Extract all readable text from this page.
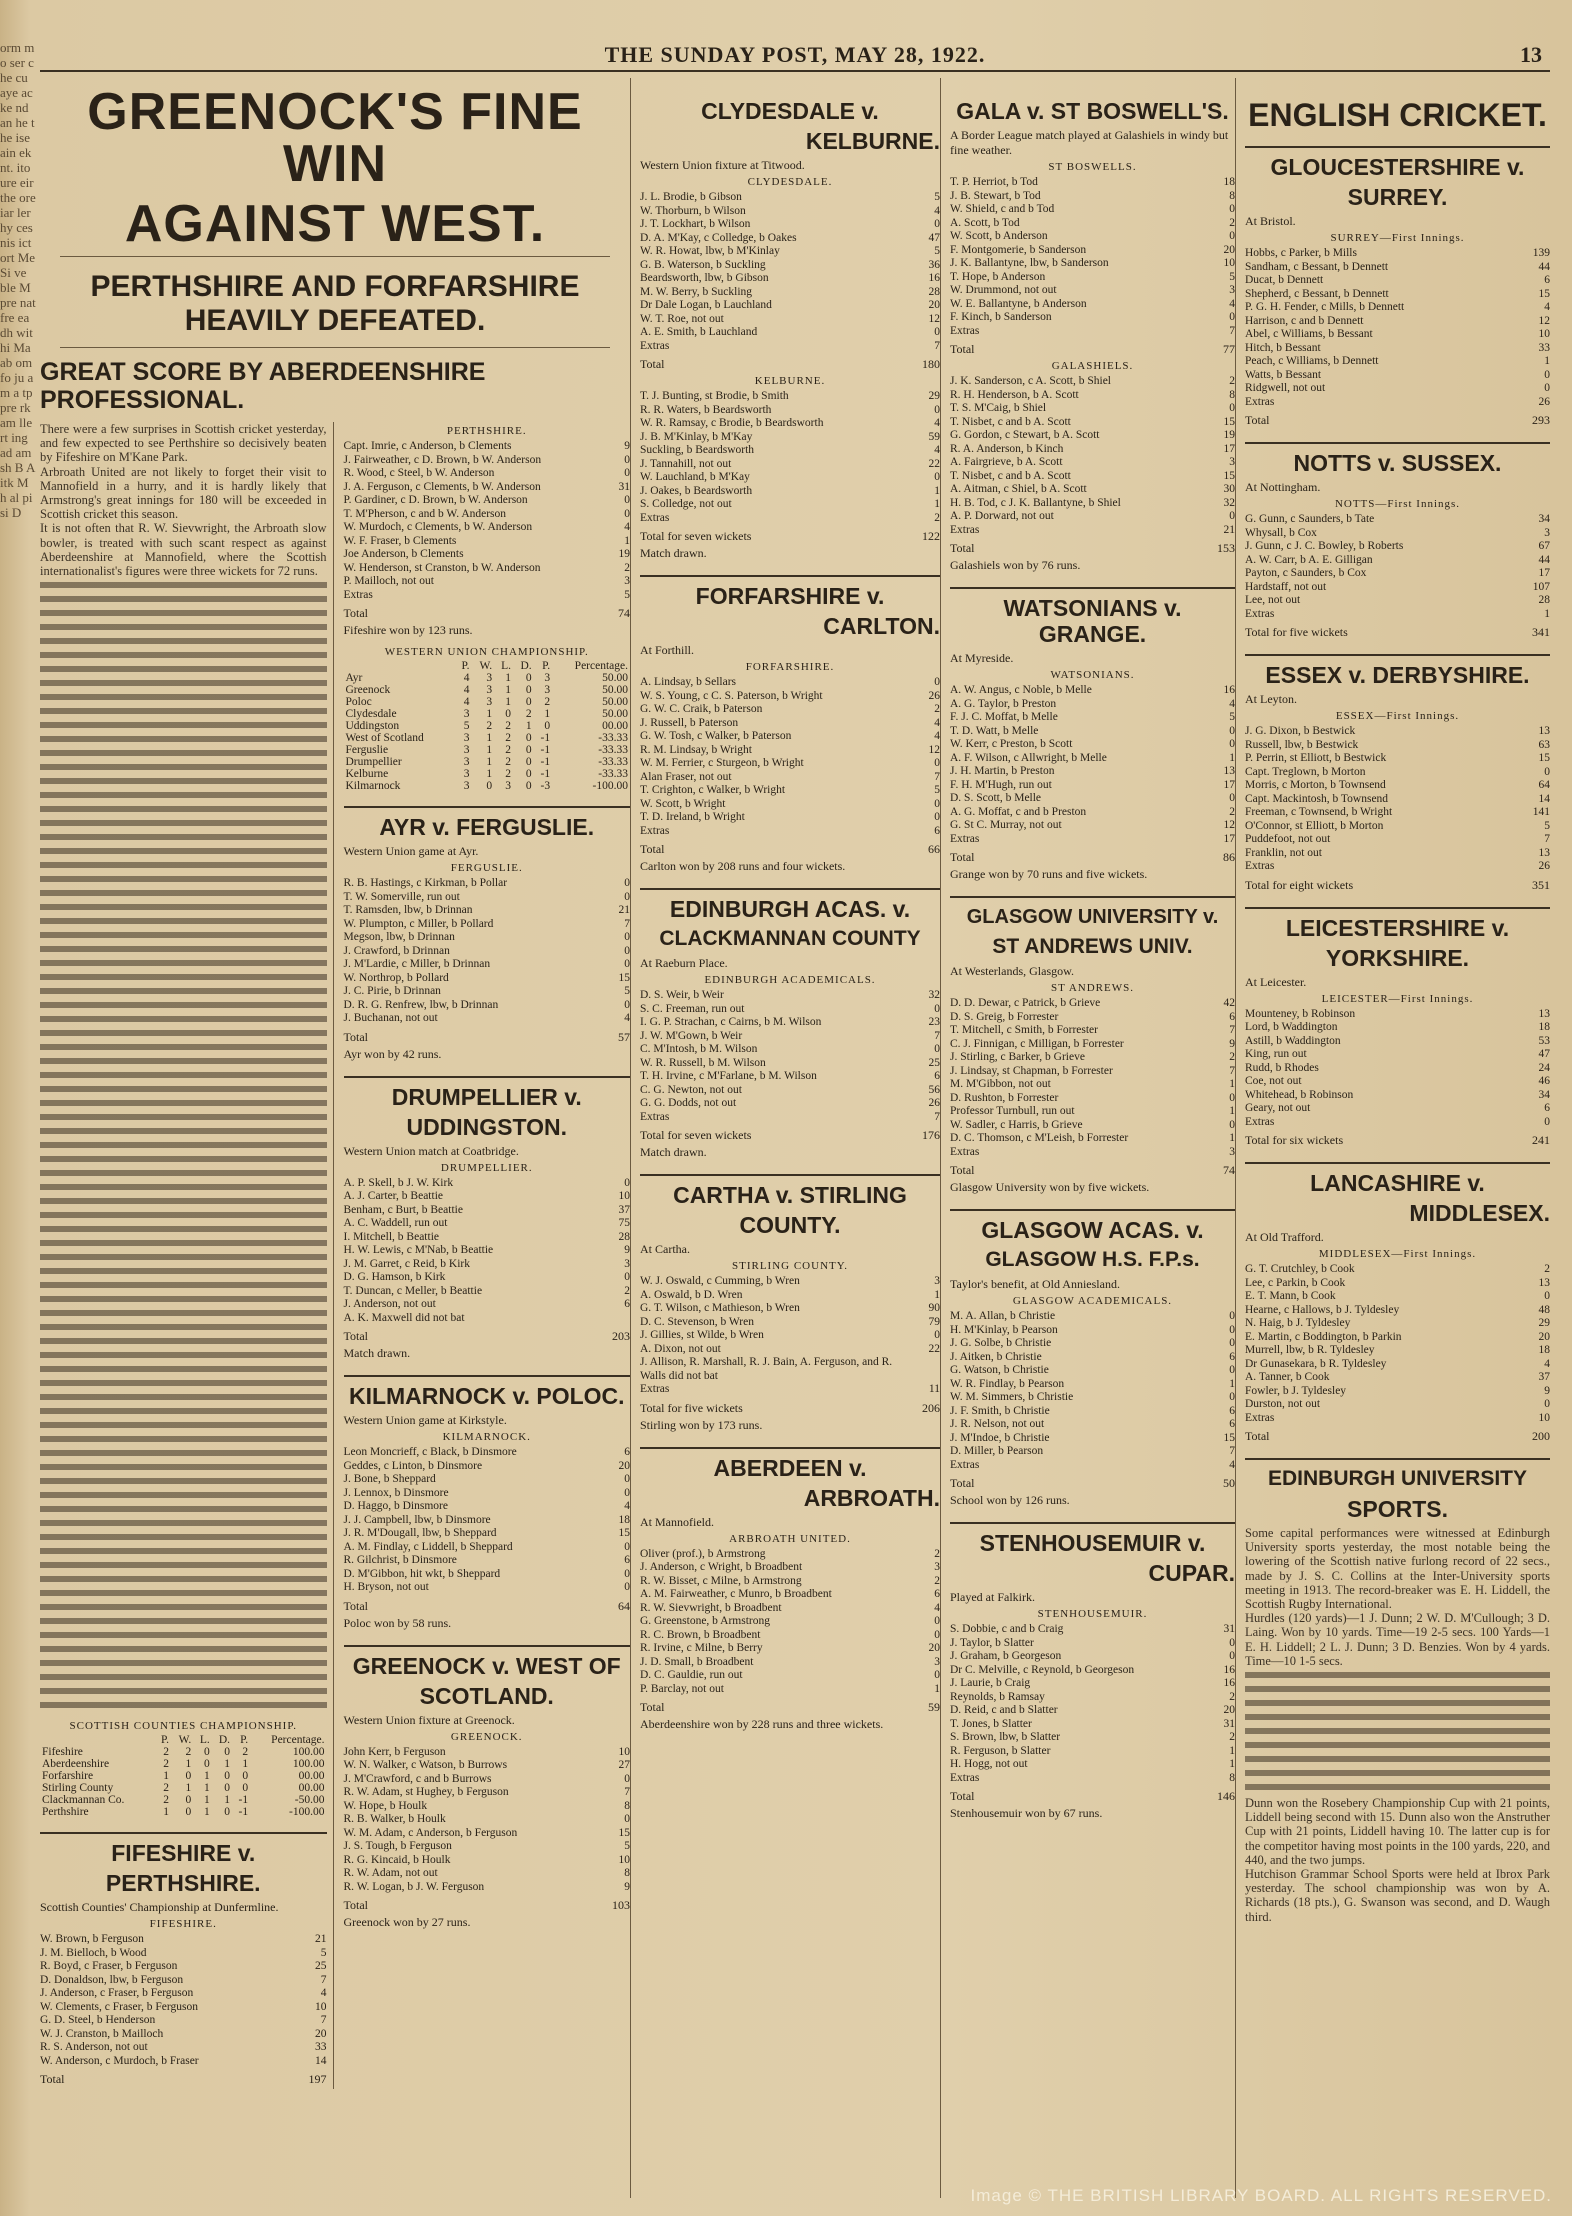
orm mo ser che cu aye ac ke nd an he the ise ain ek nt. ito ure eir the ore iar ler hy ces nis ict ort Me Si ve ble M pre nat fre ea dh wit hi Ma ab om fo ju am a tp pre rk am lle rt ing ad am sh B Aitk M h al pi si D
THE SUNDAY POST, MAY 28, 1922.	13
GREENOCK'S FINE WIN
AGAINST WEST.
PERTHSHIRE AND FORFARSHIRE
HEAVILY DEFEATED.
GREAT SCORE BY ABERDEENSHIRE PROFESSIONAL.

There were a few surprises in Scottish cricket yesterday, and few expected to see Perthshire so decisively beaten by Fifeshire on M'Kane Park.

Arbroath United are not likely to forget their visit to Mannofield in a hurry, and it is hardly likely that Armstrong's great innings for 180 will be exceeded in Scottish cricket this season.

It is not often that R. W. Sievwright, the Arbroath slow bowler, is treated with such scant respect as against Aberdeenshire at Mannofield, where the Scottish internationalist's figures were three wickets for 72 runs.

SCOTTISH COUNTIES CHAMPIONSHIP.
	P.	W.	L.	D.	P.	Percentage.
Fifeshire	2	2	0	0	2	100.00
Aberdeenshire	2	1	0	1	1	100.00
Forfarshire	1	0	1	0	0	00.00
Stirling County	2	1	1	0	0	00.00
Clackmannan Co.	2	0	1	1	-1	-50.00
Perthshire	1	0	1	0	-1	-100.00
FIFESHIRE v.
PERTHSHIRE.
Scottish Counties' Championship at Dunfermline.
FIFESHIRE.
W. Brown, b Ferguson	21
J. M. Bielloch, b Wood	5
R. Boyd, c Fraser, b Ferguson	25
D. Donaldson, lbw, b Ferguson	7
J. Anderson, c Fraser, b Ferguson	4
W. Clements, c Fraser, b Ferguson	10
G. D. Steel, b Henderson	7
W. J. Cranston, b Mailloch	20
R. S. Anderson, not out	33
W. Anderson, c Murdoch, b Fraser	14
Total	197
PERTHSHIRE.
Capt. Imrie, c Anderson, b Clements	9
J. Fairweather, c D. Brown, b W. Anderson	0
R. Wood, c Steel, b W. Anderson	0
J. A. Ferguson, c Clements, b W. Anderson	31
P. Gardiner, c D. Brown, b W. Anderson	0
T. M'Pherson, c and b W. Anderson	0
W. Murdoch, c Clements, b W. Anderson	4
W. F. Fraser, b Clements	1
Joe Anderson, b Clements	19
W. Henderson, st Cranston, b W. Anderson	2
P. Mailloch, not out	3
Extras	5
Total	74
Fifeshire won by 123 runs.
WESTERN UNION CHAMPIONSHIP.
	P.	W.	L.	D.	P.	Percentage.
Ayr	4	3	1	0	3	50.00
Greenock	4	3	1	0	3	50.00
Poloc	4	3	1	0	2	50.00
Clydesdale	3	1	0	2	1	50.00
Uddingston	5	2	2	1	0	00.00
West of Scotland	3	1	2	0	-1	-33.33
Ferguslie	3	1	2	0	-1	-33.33
Drumpellier	3	1	2	0	-1	-33.33
Kelburne	3	1	2	0	-1	-33.33
Kilmarnock	3	0	3	0	-3	-100.00
AYR v. FERGUSLIE.
Western Union game at Ayr.
FERGUSLIE.
R. B. Hastings, c Kirkman, b Pollar	0
T. W. Somerville, run out	0
T. Ramsden, lbw, b Drinnan	21
W. Plumpton, c Miller, b Pollard	7
Megson, lbw, b Drinnan	0
J. Crawford, b Drinnan	0
J. M'Lardie, c Miller, b Drinnan	0
W. Northrop, b Pollard	15
J. C. Pirie, b Drinnan	5
D. R. G. Renfrew, lbw, b Drinnan	0
J. Buchanan, not out	4
Total	57
Ayr won by 42 runs.
DRUMPELLIER v.
UDDINGSTON.
Western Union match at Coatbridge.
DRUMPELLIER.
A. P. Skell, b J. W. Kirk	0
A. J. Carter, b Beattie	10
Benham, c Burt, b Beattie	37
A. C. Waddell, run out	75
I. Mitchell, b Beattie	28
H. W. Lewis, c M'Nab, b Beattie	9
J. M. Garret, c Reid, b Kirk	3
D. G. Hamson, b Kirk	0
T. Duncan, c Meller, b Beattie	2
J. Anderson, not out	6
A. K. Maxwell did not bat
Total	203
Match drawn.
KILMARNOCK v. POLOC.
Western Union game at Kirkstyle.
KILMARNOCK.
Leon Moncrieff, c Black, b Dinsmore	6
Geddes, c Linton, b Dinsmore	20
J. Bone, b Sheppard	0
J. Lennox, b Dinsmore	0
D. Haggo, b Dinsmore	4
J. J. Campbell, lbw, b Dinsmore	18
J. R. M'Dougall, lbw, b Sheppard	15
A. M. Findlay, c Liddell, b Sheppard	0
R. Gilchrist, b Dinsmore	6
D. M'Gibbon, hit wkt, b Sheppard	0
H. Bryson, not out	0
Total	64
Poloc won by 58 runs.
GREENOCK v. WEST OF
SCOTLAND.
Western Union fixture at Greenock.
GREENOCK.
John Kerr, b Ferguson	10
W. N. Walker, c Watson, b Burrows	27
J. M'Crawford, c and b Burrows	0
R. W. Adam, st Hughey, b Ferguson	7
W. Hope, b Houlk	8
R. B. Walker, b Houlk	0
W. M. Adam, c Anderson, b Ferguson	15
J. S. Tough, b Ferguson	5
R. G. Kincaid, b Houlk	10
R. W. Adam, not out	8
R. W. Logan, b J. W. Ferguson	9
Total	103
Greenock won by 27 runs.
CLYDESDALE v.
KELBURNE.
Western Union fixture at Titwood.
CLYDESDALE.
J. L. Brodie, b Gibson	5
W. Thorburn, b Wilson	4
J. T. Lockhart, b Wilson	0
D. A. M'Kay, c Colledge, b Oakes	47
W. R. Howat, lbw, b M'Kinlay	5
G. B. Waterson, b Suckling	36
Beardsworth, lbw, b Gibson	16
M. W. Berry, b Suckling	28
Dr Dale Logan, b Lauchland	20
W. T. Roe, not out	12
A. E. Smith, b Lauchland	0
Extras	7
Total	180
KELBURNE.
T. J. Bunting, st Brodie, b Smith	29
R. R. Waters, b Beardsworth	0
W. R. Ramsay, c Brodie, b Beardsworth	4
J. B. M'Kinlay, b M'Kay	59
Suckling, b Beardsworth	4
J. Tannahill, not out	22
W. Lauchland, b M'Kay	0
J. Oakes, b Beardsworth	1
S. Colledge, not out	1
Extras	2
Total for seven wickets	122
Match drawn.
FORFARSHIRE v.
CARLTON.
At Forthill.
FORFARSHIRE.
A. Lindsay, b Sellars	0
W. S. Young, c C. S. Paterson, b Wright	26
G. W. C. Craik, b Paterson	2
J. Russell, b Paterson	4
G. W. Tosh, c Walker, b Paterson	4
R. M. Lindsay, b Wright	12
W. M. Ferrier, c Sturgeon, b Wright	0
Alan Fraser, not out	7
T. Crighton, c Walker, b Wright	5
W. Scott, b Wright	0
T. D. Ireland, b Wright	0
Extras	6
Total	66
Carlton won by 208 runs and four wickets.
EDINBURGH ACAS. v.
CLACKMANNAN COUNTY
At Raeburn Place.
EDINBURGH ACADEMICALS.
D. S. Weir, b Weir	32
S. C. Freeman, run out	0
I. G. P. Strachan, c Cairns, b M. Wilson	23
J. W. M'Gown, b Weir	7
C. M'Intosh, b M. Wilson	0
W. R. Russell, b M. Wilson	25
T. H. Irvine, c M'Farlane, b M. Wilson	6
C. G. Newton, not out	56
G. G. Dodds, not out	26
Extras	7
Total for seven wickets	176
Match drawn.
CARTHA v. STIRLING
COUNTY.
At Cartha.
STIRLING COUNTY.
W. J. Oswald, c Cumming, b Wren	3
A. Oswald, b D. Wren	1
G. T. Wilson, c Mathieson, b Wren	90
D. C. Stevenson, b Wren	79
J. Gillies, st Wilde, b Wren	0
A. Dixon, not out	22
J. Allison, R. Marshall, R. J. Bain, A. Ferguson, and R. Walls did not bat
Extras	11
Total for five wickets	206
Stirling won by 173 runs.
ABERDEEN v.
ARBROATH.
At Mannofield.
ARBROATH UNITED.
Oliver (prof.), b Armstrong	2
J. Anderson, c Wright, b Broadbent	3
R. W. Bisset, c Milne, b Armstrong	2
A. M. Fairweather, c Munro, b Broadbent	6
R. W. Sievwright, b Broadbent	4
G. Greenstone, b Armstrong	0
R. C. Brown, b Broadbent	0
R. Irvine, c Milne, b Berry	20
J. D. Small, b Broadbent	3
D. C. Gauldie, run out	0
P. Barclay, not out	1
Total	59
Aberdeenshire won by 228 runs and three wickets.
GALA v. ST BOSWELL'S.
A Border League match played at Galashiels in windy but fine weather.
ST BOSWELLS.
T. P. Herriot, b Tod	18
J. B. Stewart, b Tod	8
W. Shield, c and b Tod	0
A. Scott, b Tod	2
W. Scott, b Anderson	0
F. Montgomerie, b Sanderson	20
J. K. Ballantyne, lbw, b Sanderson	10
T. Hope, b Anderson	5
W. Drummond, not out	3
W. E. Ballantyne, b Anderson	4
F. Kinch, b Sanderson	0
Extras	7
Total	77
GALASHIELS.
J. K. Sanderson, c A. Scott, b Shiel	2
R. H. Henderson, b A. Scott	8
T. S. M'Caig, b Shiel	0
T. Nisbet, c and b A. Scott	15
G. Gordon, c Stewart, b A. Scott	19
R. A. Anderson, b Kinch	17
A. Fairgrieve, b A. Scott	3
T. Nisbet, c and b A. Scott	15
A. Aitman, c Shiel, b A. Scott	30
H. B. Tod, c J. K. Ballantyne, b Shiel	32
A. P. Dorward, not out	0
Extras	21
Total	153
Galashiels won by 76 runs.
WATSONIANS v. GRANGE.
At Myreside.
WATSONIANS.
A. W. Angus, c Noble, b Melle	16
A. G. Taylor, b Preston	4
F. J. C. Moffat, b Melle	5
T. D. Watt, b Melle	0
W. Kerr, c Preston, b Scott	0
A. F. Wilson, c Allwright, b Melle	1
J. H. Martin, b Preston	13
F. H. M'Hugh, run out	17
D. S. Scott, b Melle	0
A. G. Moffat, c and b Preston	2
G. St C. Murray, not out	12
Extras	17
Total	86
Grange won by 70 runs and five wickets.
GLASGOW UNIVERSITY v.
ST ANDREWS UNIV.
At Westerlands, Glasgow.
ST ANDREWS.
D. D. Dewar, c Patrick, b Grieve	42
D. S. Greig, b Forrester	6
T. Mitchell, c Smith, b Forrester	7
C. J. Finnigan, c Milligan, b Forrester	9
J. Stirling, c Barker, b Grieve	2
J. Lindsay, st Chapman, b Forrester	7
M. M'Gibbon, not out	1
D. Rushton, b Forrester	0
Professor Turnbull, run out	1
W. Sadler, c Harris, b Grieve	0
D. C. Thomson, c M'Leish, b Forrester	1
Extras	3
Total	74
Glasgow University won by five wickets.
GLASGOW ACAS. v.
GLASGOW H.S. F.P.s.
Taylor's benefit, at Old Anniesland.
GLASGOW ACADEMICALS.
M. A. Allan, b Christie	0
H. M'Kinlay, b Pearson	0
J. G. Solbe, b Christie	0
J. Aitken, b Christie	6
G. Watson, b Christie	0
W. R. Findlay, b Pearson	1
W. M. Simmers, b Christie	0
J. F. Smith, b Christie	6
J. R. Nelson, not out	6
J. M'Indoe, b Christie	15
D. Miller, b Pearson	7
Extras	4
Total	50
School won by 126 runs.
STENHOUSEMUIR v.
CUPAR.
Played at Falkirk.
STENHOUSEMUIR.
S. Dobbie, c and b Craig	31
J. Taylor, b Slatter	0
J. Graham, b Georgeson	0
Dr C. Melville, c Reynold, b Georgeson	16
J. Laurie, b Craig	16
Reynolds, b Ramsay	2
D. Reid, c and b Slatter	20
T. Jones, b Slatter	31
S. Brown, lbw, b Slatter	2
R. Ferguson, b Slatter	1
H. Hogg, not out	1
Extras	8
Total	146
Stenhousemuir won by 67 runs.
ENGLISH CRICKET.
GLOUCESTERSHIRE v.
SURREY.
At Bristol.
SURREY—First Innings.
Hobbs, c Parker, b Mills	139
Sandham, c Bessant, b Dennett	44
Ducat, b Dennett	6
Shepherd, c Bessant, b Dennett	15
P. G. H. Fender, c Mills, b Dennett	4
Harrison, c and b Dennett	12
Abel, c Williams, b Bessant	10
Hitch, b Bessant	33
Peach, c Williams, b Dennett	1
Watts, b Bessant	0
Ridgwell, not out	0
Extras	26
Total	293
NOTTS v. SUSSEX.
At Nottingham.
NOTTS—First Innings.
G. Gunn, c Saunders, b Tate	34
Whysall, b Cox	3
J. Gunn, c J. C. Bowley, b Roberts	67
A. W. Carr, b A. E. Gilligan	44
Payton, c Saunders, b Cox	17
Hardstaff, not out	107
Lee, not out	28
Extras	1
Total for five wickets	341
ESSEX v. DERBYSHIRE.
At Leyton.
ESSEX—First Innings.
J. G. Dixon, b Bestwick	13
Russell, lbw, b Bestwick	63
P. Perrin, st Elliott, b Bestwick	15
Capt. Treglown, b Morton	0
Morris, c Morton, b Townsend	64
Capt. Mackintosh, b Townsend	14
Freeman, c Townsend, b Wright	141
O'Connor, st Elliott, b Morton	5
Puddefoot, not out	7
Franklin, not out	13
Extras	26
Total for eight wickets	351
LEICESTERSHIRE v.
YORKSHIRE.
At Leicester.
LEICESTER—First Innings.
Mounteney, b Robinson	13
Lord, b Waddington	18
Astill, b Waddington	53
King, run out	47
Rudd, b Rhodes	24
Coe, not out	46
Whitehead, b Robinson	34
Geary, not out	6
Extras	0
Total for six wickets	241
LANCASHIRE v.
MIDDLESEX.
At Old Trafford.
MIDDLESEX—First Innings.
G. T. Crutchley, b Cook	2
Lee, c Parkin, b Cook	13
E. T. Mann, b Cook	0
Hearne, c Hallows, b J. Tyldesley	48
N. Haig, b J. Tyldesley	29
E. Martin, c Boddington, b Parkin	20
Murrell, lbw, b R. Tyldesley	18
Dr Gunasekara, b R. Tyldesley	4
A. Tanner, b Cook	37
Fowler, b J. Tyldesley	9
Durston, not out	0
Extras	10
Total	200
EDINBURGH UNIVERSITY
SPORTS.

Some capital performances were witnessed at Edinburgh University sports yesterday, the most notable being the lowering of the Scottish native furlong record of 22 secs., made by J. S. C. Collins at the Inter-University sports meeting in 1913. The record-breaker was E. H. Liddell, the Scottish Rugby International.

Hurdles (120 yards)—1 J. Dunn; 2 W. D. M'Cullough; 3 D. Laing. Won by 10 yards. Time—19 2-5 secs. 100 Yards—1 E. H. Liddell; 2 L. J. Dunn; 3 D. Benzies. Won by 4 yards. Time—10 1-5 secs.

Dunn won the Rosebery Championship Cup with 21 points, Liddell being second with 15. Dunn also won the Anstruther Cup with 21 points, Liddell having 10. The latter cup is for the competitor having most points in the 100 yards, 220, and 440, and the two jumps.

Hutchison Grammar School Sports were held at Ibrox Park yesterday. The school championship was won by A. Richards (18 pts.), G. Swanson was second, and D. Waugh third.

Image © THE BRITISH LIBRARY BOARD. ALL RIGHTS RESERVED.
